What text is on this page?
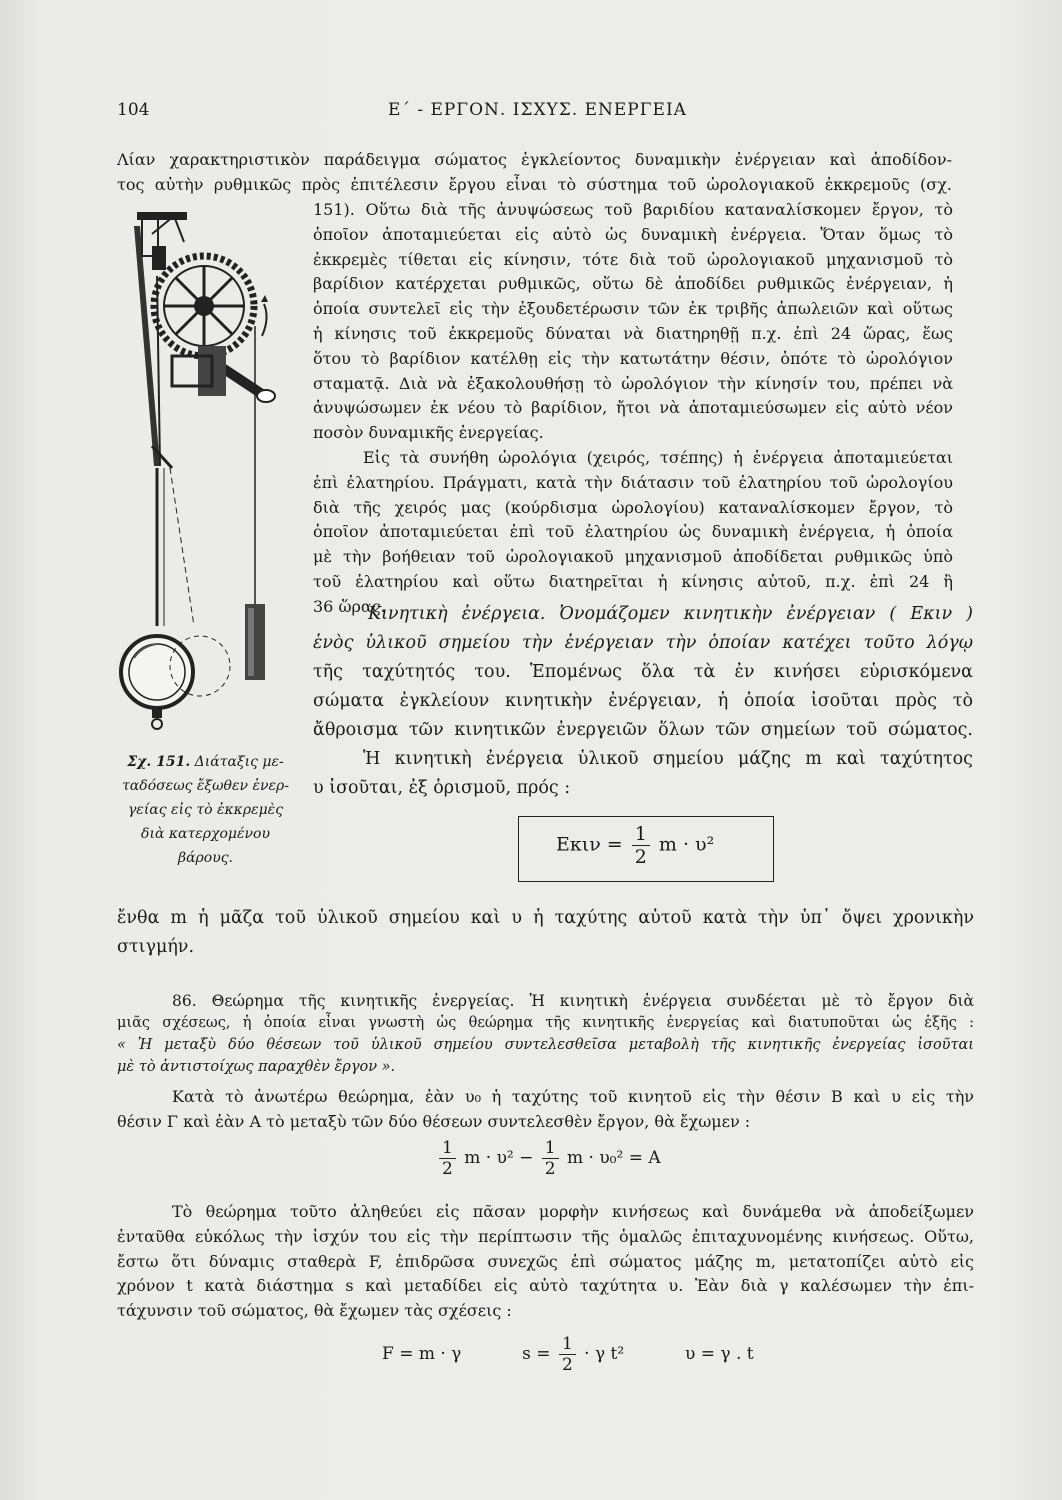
104	Ε΄ - ΕΡΓΟΝ. ΙΣΧΥΣ. ΕΝΕΡΓΕΙΑ
Λίαν χαρακτηριστικὸν παράδειγμα σώματος ἐγκλείοντος δυναμικὴν ἐνέργειαν καὶ ἀποδίδον-
τος αὐτὴν ρυθμικῶς πρὸς ἐπιτέλεσιν ἔργου εἶναι τὸ σύστημα τοῦ ὡρολογιακοῦ ἐκκρεμοῦς (σχ.
151). Οὕτω διὰ τῆς ἀνυψώσεως τοῦ βαριδίου καταναλίσκομεν ἔργον, τὸ
ὁποῖον ἀποταμιεύεται εἰς αὐτὸ ὡς δυναμικὴ ἐνέργεια. Ὅταν ὅμως τὸ
ἐκκρεμὲς τίθεται εἰς κίνησιν, τότε διὰ τοῦ ὡρολογιακοῦ μηχανισμοῦ τὸ
βαρίδιον κατέρχεται ρυθμικῶς, οὕτω δὲ ἀποδίδει ρυθμικῶς ἐνέργειαν, ἡ
ὁποία συντελεῖ εἰς τὴν ἐξουδετέρωσιν τῶν ἐκ τριβῆς ἀπωλειῶν καὶ οὕτως
ἡ κίνησις τοῦ ἐκκρεμοῦς δύναται νὰ διατηρηθῇ π.χ. ἐπὶ 24 ὥρας, ἕως
ὅτου τὸ βαρίδιον κατέλθῃ εἰς τὴν κατωτάτην θέσιν, ὁπότε τὸ ὡρολόγιον
σταματᾷ. Διὰ νὰ ἐξακολουθήσῃ τὸ ὡρολόγιον τὴν κίνησίν του, πρέπει νὰ
ἀνυψώσωμεν ἐκ νέου τὸ βαρίδιον, ἤτοι νὰ ἀποταμιεύσωμεν εἰς αὐτὸ νέον
ποσὸν δυναμικῆς ἐνεργείας.
Εἰς τὰ συνήθη ὡρολόγια (χειρός, τσέπης) ἡ ἐνέργεια ἀποταμιεύεται
ἐπὶ ἐλατηρίου. Πράγματι, κατὰ τὴν διάτασιν τοῦ ἐλατηρίου τοῦ ὡρολογίου
διὰ τῆς χειρός μας (κούρδισμα ὡρολογίου) καταναλίσκομεν ἔργον, τὸ
ὁποῖον ἀποταμιεύεται ἐπὶ τοῦ ἐλατηρίου ὡς δυναμικὴ ἐνέργεια, ἡ ὁποία
μὲ τὴν βοήθειαν τοῦ ὡρολογιακοῦ μηχανισμοῦ ἀποδίδεται ρυθμικῶς ὑπὸ
τοῦ ἐλατηρίου καὶ οὕτω διατηρεῖται ἡ κίνησις αὐτοῦ, π.χ. ἐπὶ 24 ἢ
36 ὥρας.
Κινητικὴ ἐνέργεια. Ὀνομάζομεν κινητικὴν ἐνέργειαν ( Eκιν )
ἑνὸς ὑλικοῦ σημείου τὴν ἐνέργειαν τὴν ὁποίαν κατέχει τοῦτο λόγῳ
τῆς ταχύτητός του. Ἑπομένως ὅλα τὰ ἐν κινήσει εὑρισκόμενα
σώματα ἐγκλείουν κινητικὴν ἐνέργειαν, ἡ ὁποία ἰσοῦται πρὸς τὸ
ἄθροισμα τῶν κινητικῶν ἐνεργειῶν ὅλων τῶν σημείων τοῦ σώματος.
Ἡ κινητικὴ ἐνέργεια ὑλικοῦ σημείου μάζης m καὶ ταχύτητος
υ ἰσοῦται, ἐξ ὁρισμοῦ, πρός :
Σχ. 151. Διάταξις με-
ταδόσεως ἔξωθεν ἐνερ-
γείας εἰς τὸ ἐκκρεμὲς
διὰ κατερχομένου
βάρους.
$E\kappa\iota\nu = \frac{1}{2}$ m · υ²
ἔνθα m ἡ μᾶζα τοῦ ὑλικοῦ σημείου καὶ υ ἡ ταχύτης αὐτοῦ κατὰ τὴν ὑπ᾽ ὄψει χρονικὴν
στιγμήν.
86. Θεώρημα τῆς κινητικῆς ἐνεργείας. Ἡ κινητικὴ ἐνέργεια συνδέεται μὲ τὸ ἔργον διὰ
μιᾶς σχέσεως, ἡ ὁποία εἶναι γνωστὴ ὡς θεώρημα τῆς κινητικῆς ἐνεργείας καὶ διατυποῦται ὡς ἑξῆς :
« Ἡ μεταξὺ δύο θέσεων τοῦ ὑλικοῦ σημείου συντελεσθεῖσα μεταβολὴ τῆς κινητικῆς ἐνεργείας ἰσοῦται
μὲ τὸ ἀντιστοίχως παραχθὲν ἔργον ».
Κατὰ τὸ ἀνωτέρω θεώρημα, ἐὰν υ₀ ἡ ταχύτης τοῦ κινητοῦ εἰς τὴν θέσιν Β καὶ υ εἰς τὴν
θέσιν Γ καὶ ἐὰν Α τὸ μεταξὺ τῶν δύο θέσεων συντελεσθὲν ἔργον, θὰ ἔχωμεν :
$\frac{1}{2}$ $m \cdot \upsilon^2 - \frac{1}{2}$ m · υ₀² = A
Τὸ θεώρημα τοῦτο ἀληθεύει εἰς πᾶσαν μορφὴν κινήσεως καὶ δυνάμεθα νὰ ἀποδείξωμεν
ἐνταῦθα εὐκόλως τὴν ἰσχύν του εἰς τὴν περίπτωσιν τῆς ὁμαλῶς ἐπιταχυνομένης κινήσεως. Οὕτω,
ἔστω ὅτι δύναμις σταθερὰ F, ἐπιδρῶσα συνεχῶς ἐπὶ σώματος μάζης m, μετατοπίζει αὐτὸ εἰς
χρόνον t κατὰ διάστημα s καὶ μεταδίδει εἰς αὐτὸ ταχύτητα υ. Ἐὰν διὰ γ καλέσωμεν τὴν ἐπι-
τάχυνσιν τοῦ σώματος, θὰ ἔχωμεν τὰς σχέσεις :
F = m · γ	$s = \frac{1}{2} \cdot \gamma$ t²	υ = γ . t
